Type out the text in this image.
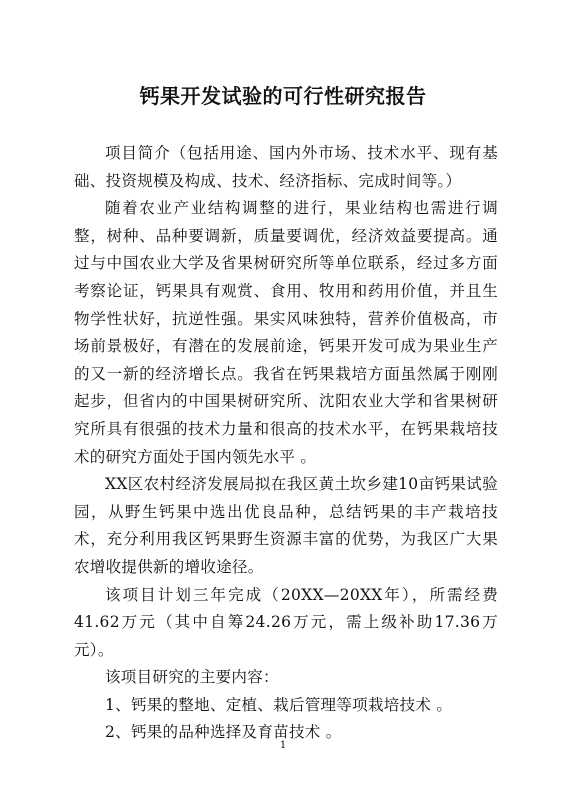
钙果开发试验的可行性研究报告

项目简介（包括用途、国内外市场、技术水平、现有基础、投资规模及构成、技术、经济指标、完成时间等。）

随着农业产业结构调整的进行，果业结构也需进行调整，树种、品种要调新，质量要调优，经济效益要提高。通过与中国农业大学及省果树研究所等单位联系，经过多方面考察论证，钙果具有观赏、食用、牧用和药用价值，并且生物学性状好，抗逆性强。果实风味独特，营养价值极高，市场前景极好，有潜在的发展前途，钙果开发可成为果业生产的又一新的经济增长点。我省在钙果栽培方面虽然属于刚刚起步，但省内的中国果树研究所、沈阳农业大学和省果树研究所具有很强的技术力量和很高的技术水平，在钙果栽培技术的研究方面处于国内领先水平 。

XX区农村经济发展局拟在我区黄土坎乡建10亩钙果试验园，从野生钙果中选出优良品种，总结钙果的丰产栽培技术，充分利用我区钙果野生资源丰富的优势，为我区广大果农增收提供新的增收途径。

该项目计划三年完成（20XX—20XX年），所需经费41.62万元（其中自筹24.26万元，需上级补助17.36万元）。

该项目研究的主要内容：

1、钙果的整地、定植、栽后管理等项栽培技术 。

2、钙果的品种选择及育苗技术 。

1
